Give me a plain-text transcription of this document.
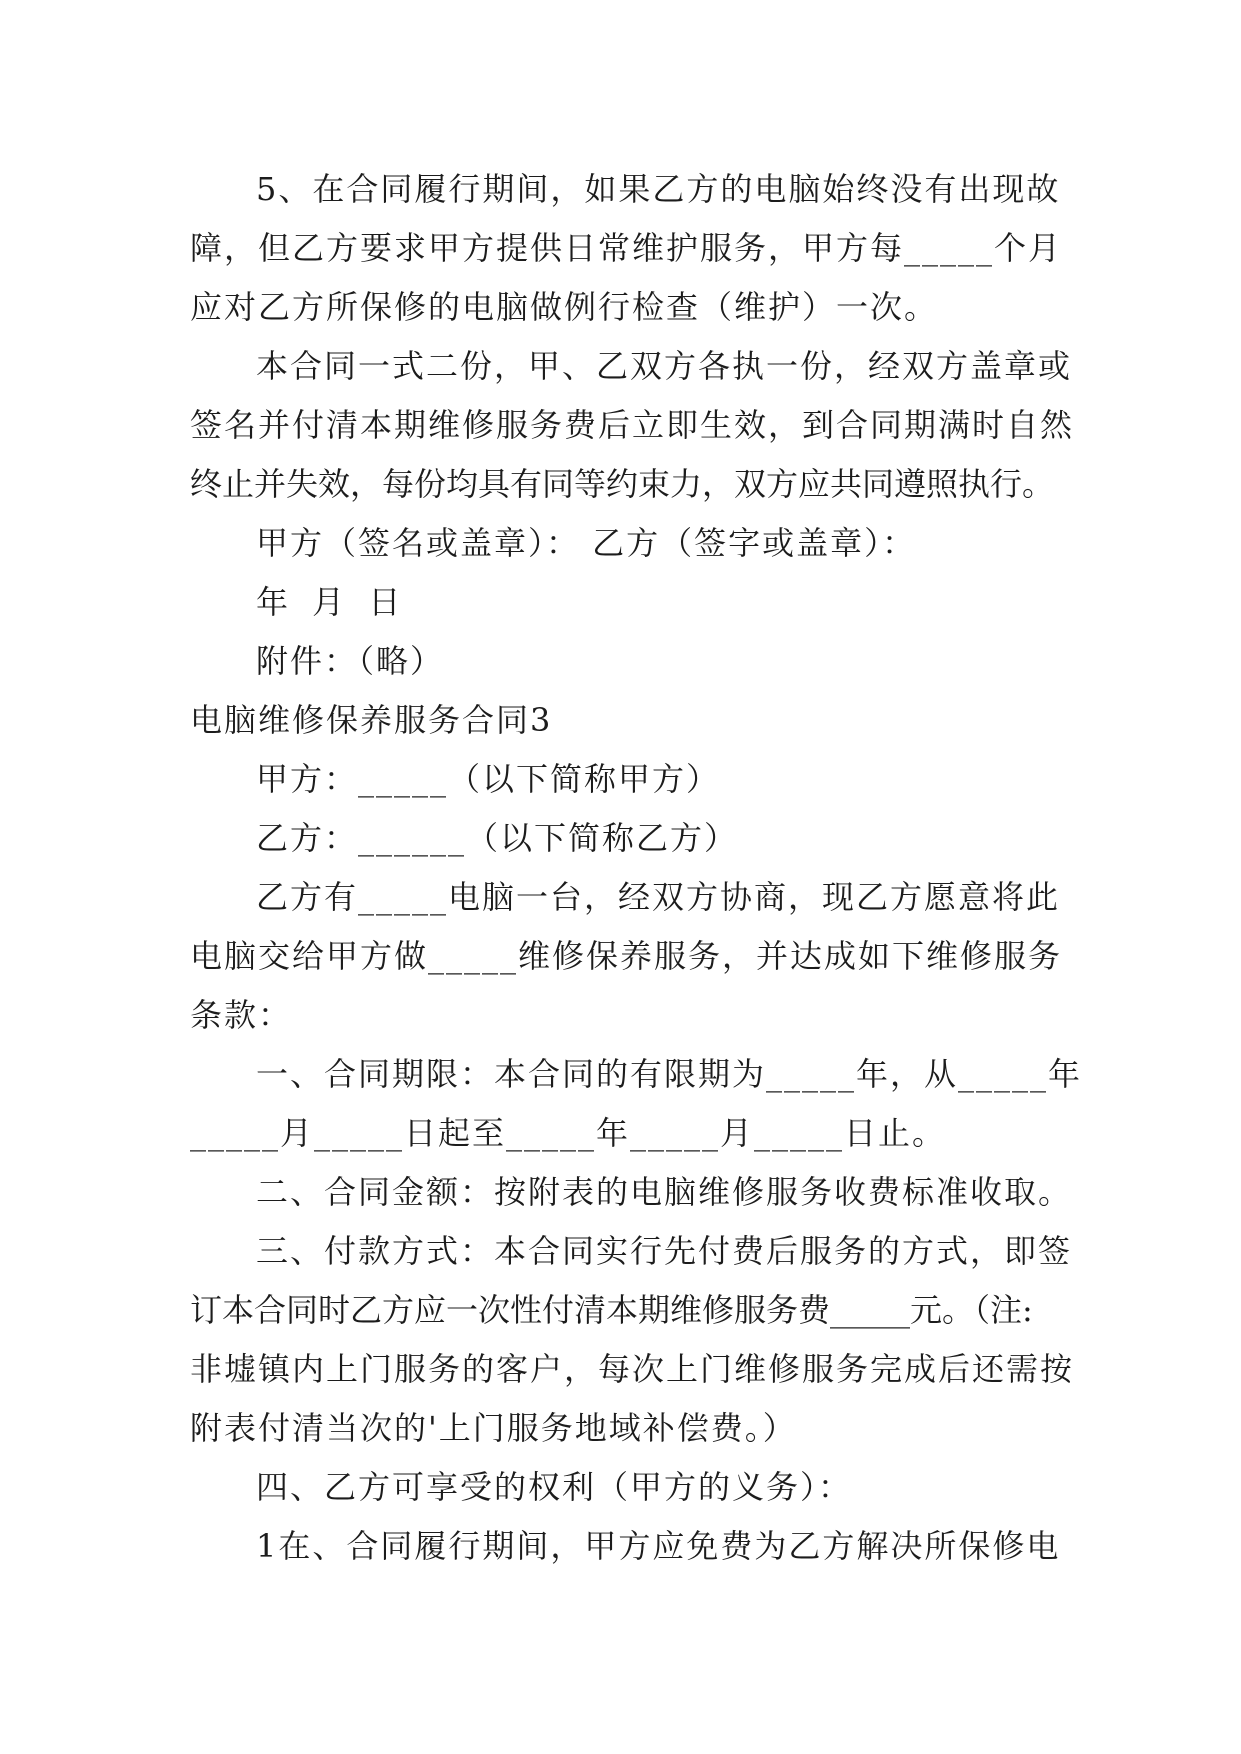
5、在合同履行期间，如果乙方的电脑始终没有出现故
障，但乙方要求甲方提供日常维护服务，甲方每_____个月
应对乙方所保修的电脑做例行检查（维护）一次。

本合同一式二份，甲、乙双方各执一份，经双方盖章或
签名并付清本期维修服务费后立即生效，到合同期满时自然
终止并失效，每份均具有同等约束力，双方应共同遵照执行。

甲方（签名或盖章）： 乙方（签字或盖章）：

年 月 日

附件：（略）

电脑维修保养服务合同3

甲方：_____（以下简称甲方）

乙方：______（以下简称乙方）

乙方有_____电脑一台，经双方协商，现乙方愿意将此
电脑交给甲方做_____维修保养服务，并达成如下维修服务
条款：

一、合同期限：本合同的有限期为_____年，从_____年
_____月_____日起至_____年_____月_____日止。

二、合同金额：按附表的电脑维修服务收费标准收取。

三、付款方式：本合同实行先付费后服务的方式，即签
订本合同时乙方应一次性付清本期维修服务费_____元。（注:
非墟镇内上门服务的客户，每次上门维修服务完成后还需按
附表付清当次的'上门服务地域补偿费。）

四、乙方可享受的权利（甲方的义务）：

1在、合同履行期间，甲方应免费为乙方解决所保修电
